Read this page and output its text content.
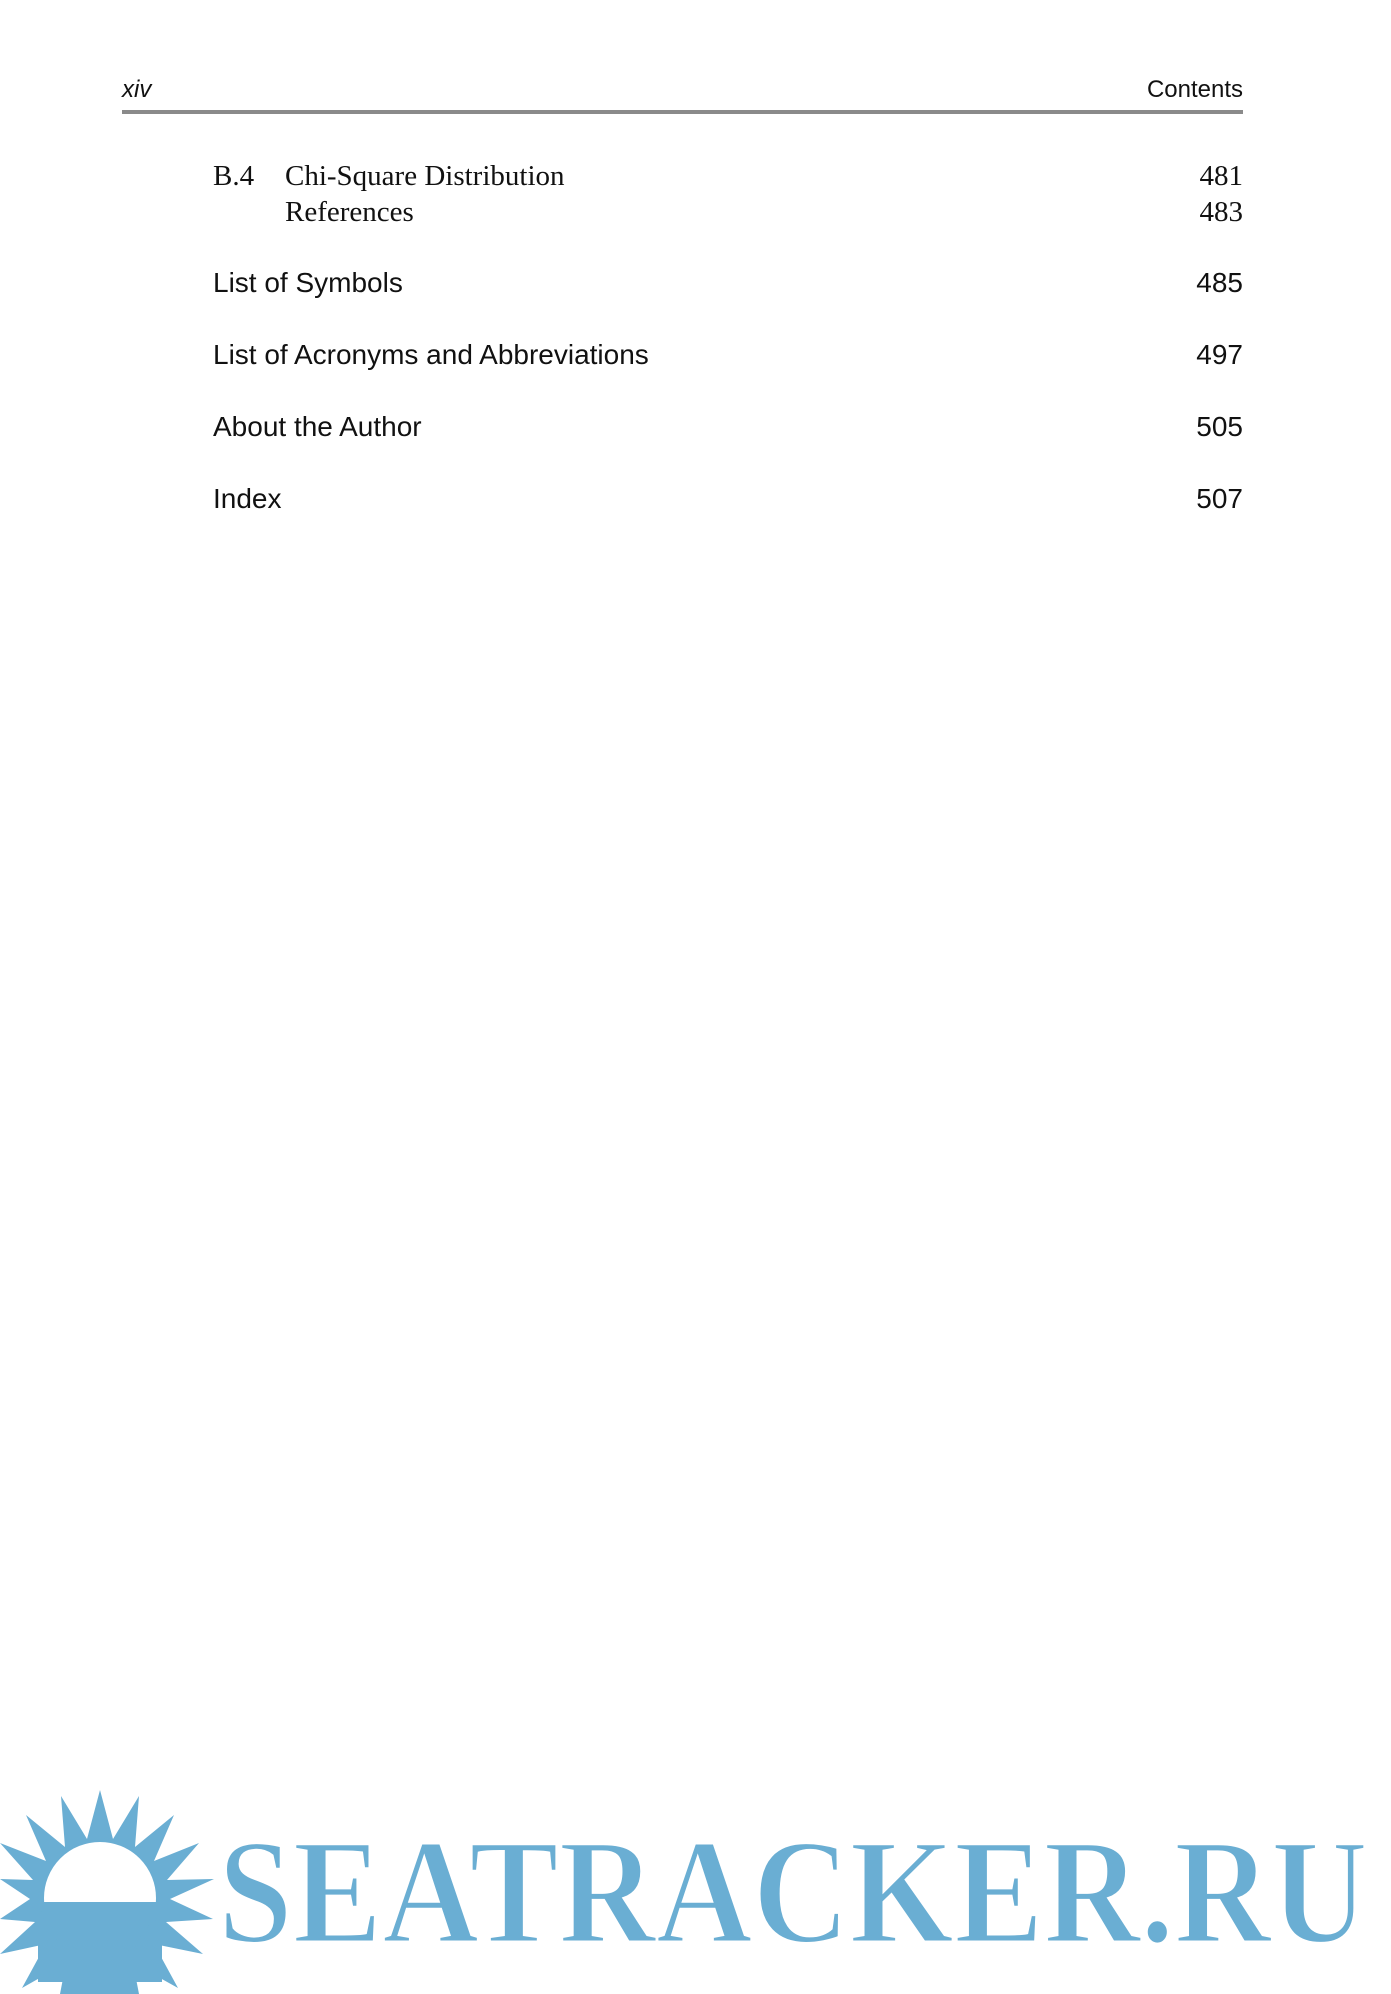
xiv	Contents
B.4 Chi-Square Distribution	481
References	483
List of Symbols	485
List of Acronyms and Abbreviations	497
About the Author	505
Index	507
SEATRACKER.RU
